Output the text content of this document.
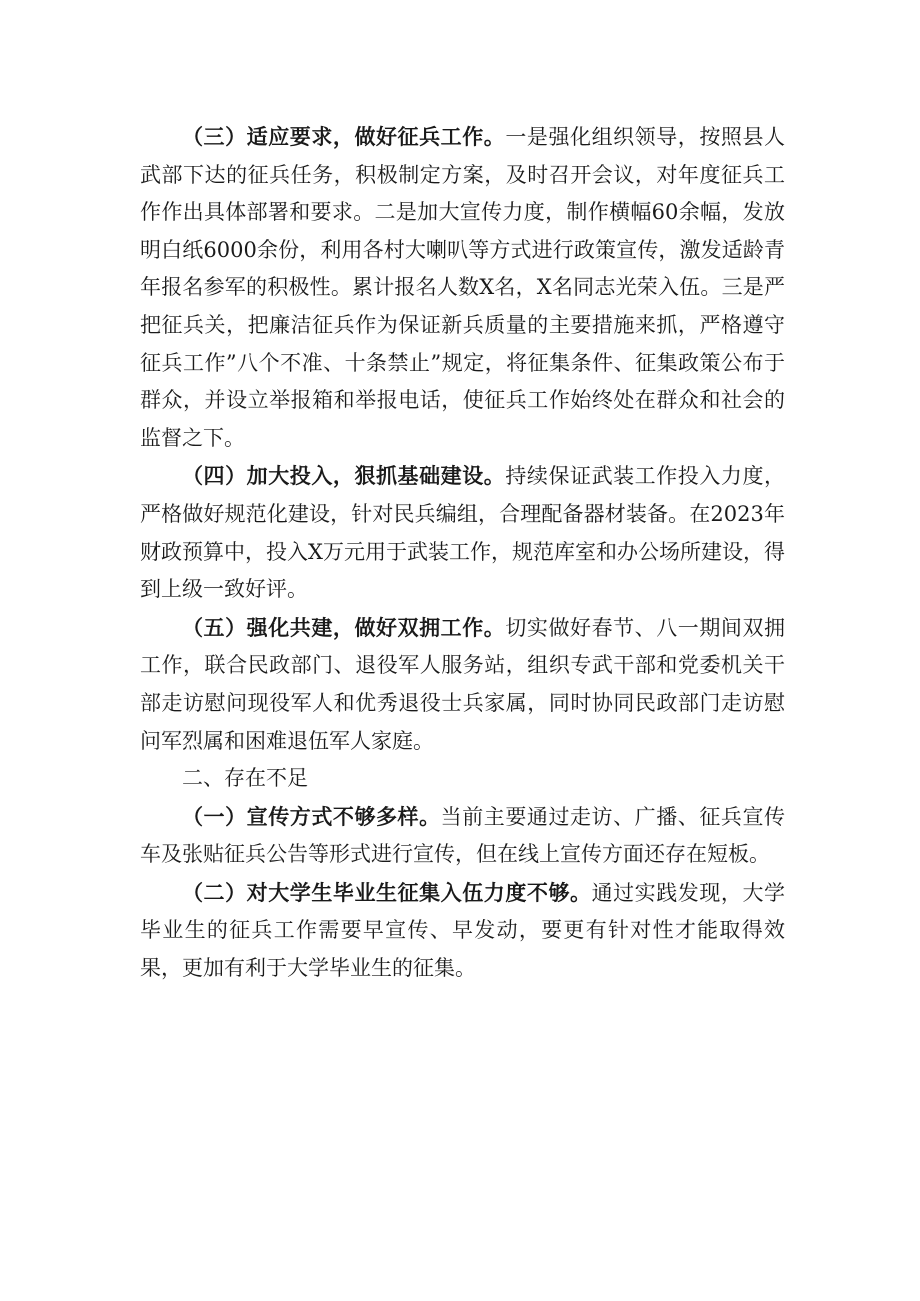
（三）适应要求，做好征兵工作。一是强化组织领导，按照县人武部下达的征兵任务，积极制定方案，及时召开会议，对年度征兵工作作出具体部署和要求。二是加大宣传力度，制作横幅60余幅，发放明白纸6000余份，利用各村大喇叭等方式进行政策宣传，激发适龄青年报名参军的积极性。累计报名人数X名，X名同志光荣入伍。三是严把征兵关，把廉洁征兵作为保证新兵质量的主要措施来抓，严格遵守征兵工作”八个不准、十条禁止”规定，将征集条件、征集政策公布于群众，并设立举报箱和举报电话，使征兵工作始终处在群众和社会的监督之下。

（四）加大投入，狠抓基础建设。持续保证武装工作投入力度，严格做好规范化建设，针对民兵编组，合理配备器材装备。在2023年财政预算中，投入X万元用于武装工作，规范库室和办公场所建设，得到上级一致好评。

（五）强化共建，做好双拥工作。切实做好春节、八一期间双拥工作，联合民政部门、退役军人服务站，组织专武干部和党委机关干部走访慰问现役军人和优秀退役士兵家属，同时协同民政部门走访慰问军烈属和困难退伍军人家庭。

二、存在不足

（一）宣传方式不够多样。当前主要通过走访、广播、征兵宣传车及张贴征兵公告等形式进行宣传，但在线上宣传方面还存在短板。

（二）对大学生毕业生征集入伍力度不够。通过实践发现，大学毕业生的征兵工作需要早宣传、早发动，要更有针对性才能取得效果，更加有利于大学毕业生的征集。
